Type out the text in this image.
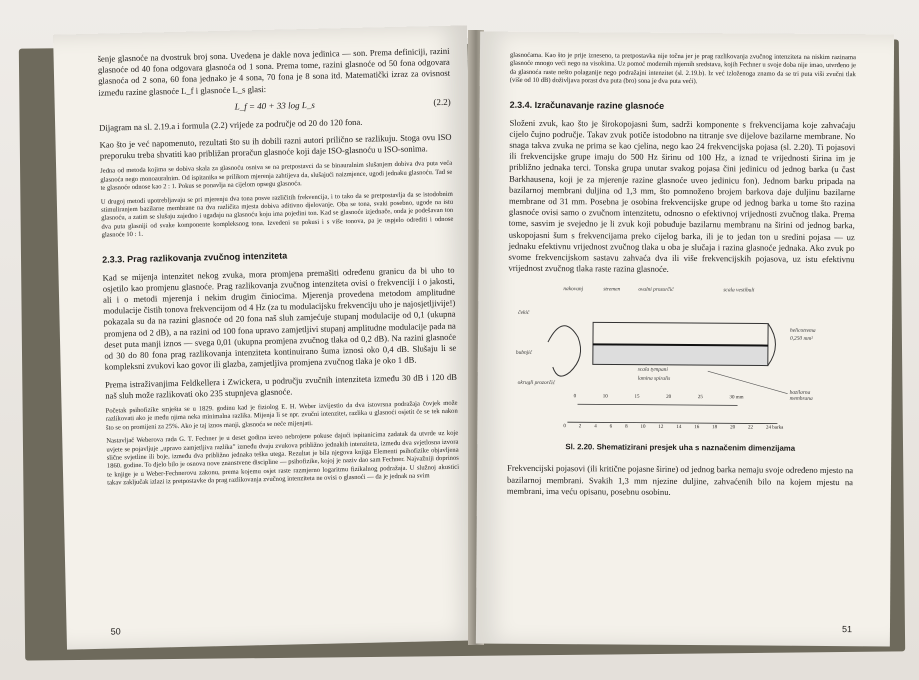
šenje glasnoće na dvostruk broj sona. Uvedena je dakle nova jedinica — son. Prema definiciji, razini glasnoće od 40 fona odgovara glasnoća od 1 sona. Prema tome, razini glasnoće od 50 fona odgovara glasnoća od 2 sona, 60 fona jednako je 4 sona, 70 fona je 8 sona itd. Matematički izraz za ovisnost između razine glasnoće L_f i glasnoće L_s glasi:

L_f = 40 + 33 log L_s	(2.2)

Dijagram na sl. 2.19.a i formula (2.2) vrijede za područje od 20 do 120 fona.

Kao što je već napomenuto, rezultati što su ih dobili razni autori prilično se razlikuju. Stoga ovu ISO preporuku treba shvatiti kao približan proračun glasnoće koji daje ISO-glasnoću u ISO-sonima.

Jedna od metoda kojima se dobiva skala za glasnoću osniva se na pretpostavci da se binauralnim slušanjem dobiva dva puta veća glasnoća nego monoauralnim. Od ispitanika se prilikom mjerenja zahtijeva da, slušajući naizmjence, ugodi jednaku glasnoću. Tad se te glasnoće odnose kao 2 : 1. Pokus se ponavlja na cijelom opsegu glasnoća.

U drugoj metodi upotrebljavaju se pri mjerenju dva tona posve različitih frekvencija, i to tako da se pretpostavlja da se istodobnim stimuliranjem bazilarne membrane na dva različita mjesta dobiva aditivno djelovanje. Oba se tona, svaki posebno, ugode na istu glasnoću, a zatim se slušaju zajedno i ugađaju na glasnoću koju ima pojedini ton. Kad se glasnoće izjednače, onda je podešavan ton dva puta glasniji od svake komponente kompleksnog tona. Izvedeni su pokusi i s više tonova, pa je uspjelo odrediti i odnose glasnoće 10 : 1.

2.3.3. Prag razlikovanja zvučnog intenziteta

Kad se mijenja intenzitet nekog zvuka, mora promjena premašiti određenu granicu da bi uho to osjetilo kao promjenu glasnoće. Prag razlikovanja zvučnog intenziteta ovisi o frekvenciji i o jakosti, ali i o metodi mjerenja i nekim drugim činiocima. Mjerenja provedena metodom amplitudne modulacije čistih tonova frekvencijom od 4 Hz (za tu modulacijsku frekvenciju uho je najosjetljivije!) pokazala su da na razini glasnoće od 20 fona naš sluh zamjećuje stupanj modulacije od 0,1 (ukupna promjena od 2 dB), a na razini od 100 fona upravo zamjetljivi stupanj amplitudne modulacije pada na deset puta manji iznos — svega 0,01 (ukupna promjena zvučnog tlaka od 0,2 dB). Na razini glasnoće od 30 do 80 fona prag razlikovanja intenziteta kontinuirano šuma iznosi oko 0,4 dB. Slušaju li se kompleksni zvukovi kao govor ili glazba, zamjetljiva promjena zvučnog tlaka je oko 1 dB.

Prema istraživanjima Feldkellera i Zwickera, u području zvučnih intenziteta između 30 dB i 120 dB naš sluh može razlikovati oko 235 stupnjeva glasnoće.

Početak psihofizike smješta se u 1829. godinu kad je fiziolog E. H. Weber izvijestio da dva istovrsna podražaja čovjek može razlikovati ako je među njima neka minimalna razlika. Mijenja li se npr. zvučni intenzitet, razlika u glasnoći osjetit će se tek nakon što se on promijeni za 25%. Ako je taj iznos manji, glasnoća se neće mijenjati.

Nastavljač Weberova rada G. T. Fechner je u deset godina izveo nebrojene pokuse dajući ispitanicima zadatak da utvrde uz koje uvjete se pojavljuje „upravo zamjetljiva razlika” između dvaju zvukova približno jednakih intenziteta, između dva svjetlosna izvora slične svjetline ili boje, između dva približno jednaka teška utega. Rezultat je bila njegova knjiga Elementi psihofizike objavljena 1860. godine. To djelo bilo je osnova nove znanstvene discipline — psihofizike, kojoj je naziv dao sam Fechner. Najvažniji doprinos te knjige je u Weber-Fechnerovu zakonu, prema kojemu osjet raste razmjerno logaritmu fizikalnog podražaja. U služnoj akustici takav zaključak izlazi iz pretpostavke da prag razlikovanja zvučnog intenziteta ne ovisi o glasnoći — da je jednak na svim

50

glasnoćama. Kao što je prije izneseno, ta pretpostavka nije točna jer je prag razlikovanja zvučnog intenziteta na niskim razinama glasnoće mnogo veći nego na visokima. Uz pomoć modernih mjernih sredstava, kojih Fechner u svoje doba nije imao, utvrđeno je da glasnoća raste nešto polaganije nego podražajni intenzitet (sl. 2.19.b). Iz već izloženoga znamo da se tri puta viši zvučni tlak (više od 10 dB) doživljava porast dva puta (bro) sona je dva puta veći).

2.3.4. Izračunavanje razine glasnoće

Složeni zvuk, kao što je širokopojasni šum, sadrži komponente s frekvencijama koje zahvaćaju cijelo čujno područje. Takav zvuk potiče istodobno na titranje sve dijelove bazilarne membrane. No snaga takva zvuka ne prima se kao cjelina, nego kao 24 frekvencijska pojasa (sl. 2.20). Ti pojasovi ili frekvencijske grupe imaju do 500 Hz širinu od 100 Hz, a iznad te vrijednosti širina im je približno jednaka terci. Tonska grupa unutar svakog pojasa čini jedinicu od jednog barka (u čast Barkhausena, koji je za mjerenje razine glasnoće uveo jedinicu fon). Jednom barku pripada na bazilarnoj membrani duljina od 1,3 mm, što pomnoženo brojem barkova daje duljinu bazilarne membrane od 31 mm. Posebna je osobina frekvencijske grupe od jednog barka u tome što razina glasnoće ovisi samo o zvučnom intenzitetu, odnosno o efektivnoj vrijednosti zvučnog tlaka. Prema tome, sasvim je svejedno je li zvuk koji pobuđuje bazilarnu membranu na širini od jednog barka, uskopojasni šum s frekvencijama preko cijelog barka, ili je to jedan ton u sredini pojasa — uz jednaku efektivnu vrijednost zvučnog tlaka u oba je slučaja i razina glasnoće jednaka. Ako zvuk po svome frekvencijskom sastavu zahvaća dva ili više frekvencijskih pojasova, uz istu efektivnu vrijednost zvučnog tlaka raste razina glasnoće.

nakovanj	stremen	ovalni prozorčić	scala vestibuli
čekić
bubnjić
okrugli prozorčić
scala tympani
lamina spiralis
helicotrema
0,250 mm²
bazilarna membrana
0	10	15	20	25	30 mm
0	2	4	6	8	10	12	14	16	18	20	22	24 barka
Sl. 2.20. Shematizirani presjek uha s naznačenim dimenzijama

Frekvencijski pojasovi (ili kritične pojasne širine) od jednog barka nemaju svoje određeno mjesto na bazilarnoj membrani. Svakih 1,3 mm njezine duljine, zahvaćenih bilo na kojem mjestu na membrani, ima veću opisanu, posebnu osobinu.

51
